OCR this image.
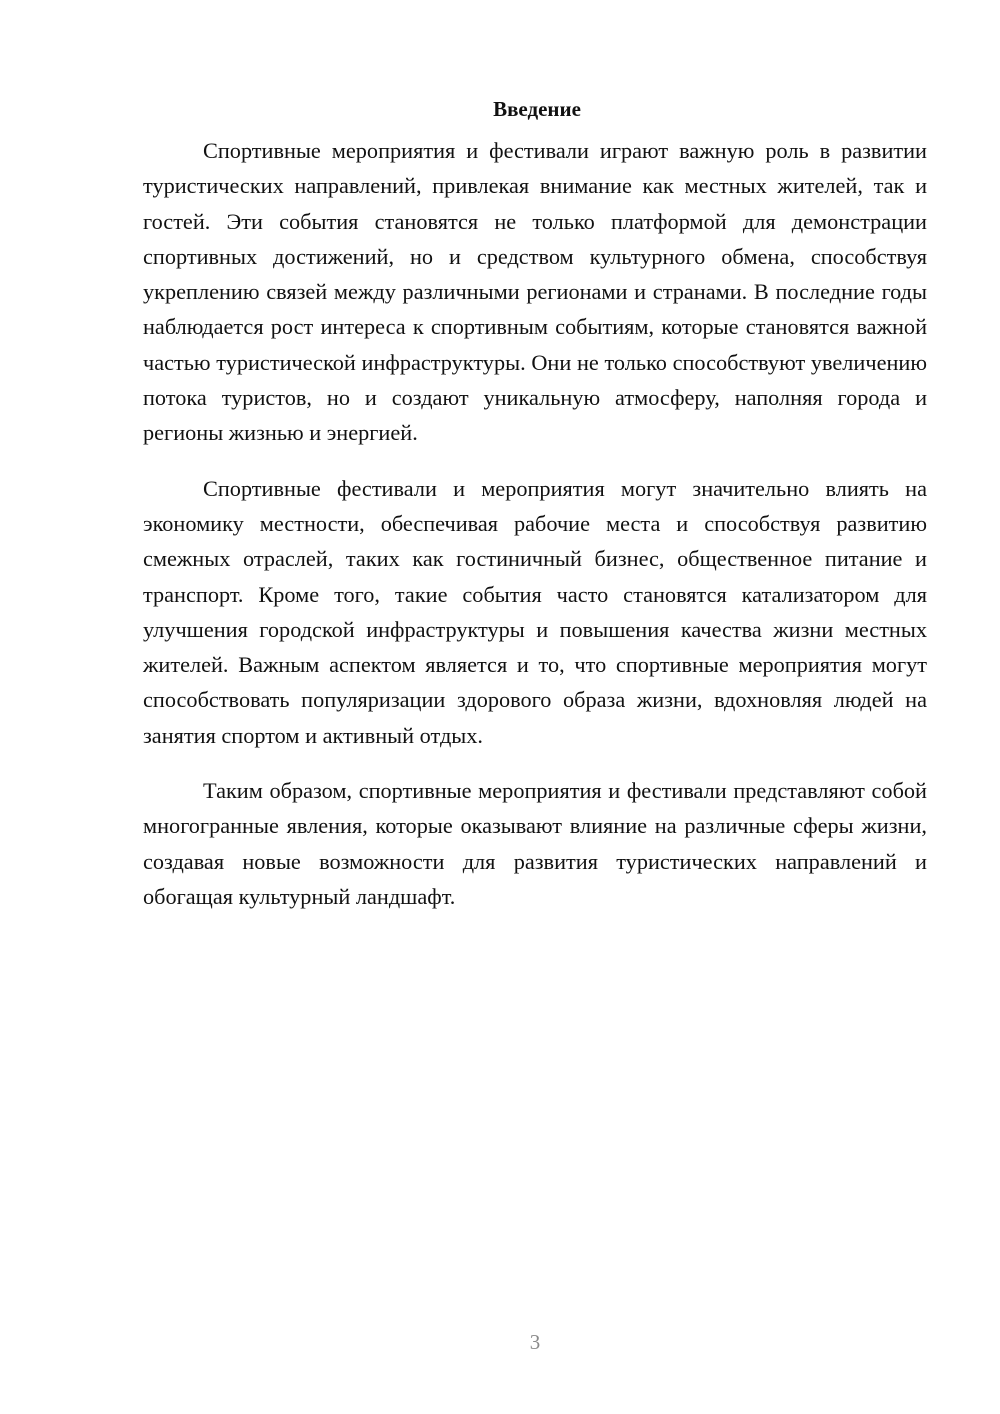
Введение

Спортивные мероприятия и фестивали играют важную роль в развитии туристических направлений, привлекая внимание как местных жителей, так и гостей. Эти события становятся не только платформой для демонстрации спортивных достижений, но и средством культурного обмена, способствуя укреплению связей между различными регионами и странами. В последние годы наблюдается рост интереса к спортивным событиям, которые становятся важной частью туристической инфраструктуры. Они не только способствуют увеличению потока туристов, но и создают уникальную атмосферу, наполняя города и регионы жизнью и энергией.

Спортивные фестивали и мероприятия могут значительно влиять на экономику местности, обеспечивая рабочие места и способствуя развитию смежных отраслей, таких как гостиничный бизнес, общественное питание и транспорт. Кроме того, такие события часто становятся катализатором для улучшения городской инфраструктуры и повышения качества жизни местных жителей. Важным аспектом является и то, что спортивные мероприятия могут способствовать популяризации здорового образа жизни, вдохновляя людей на занятия спортом и активный отдых.

Таким образом, спортивные мероприятия и фестивали представляют собой многогранные явления, которые оказывают влияние на различные сферы жизни, создавая новые возможности для развития туристических направлений и обогащая культурный ландшафт.

3
